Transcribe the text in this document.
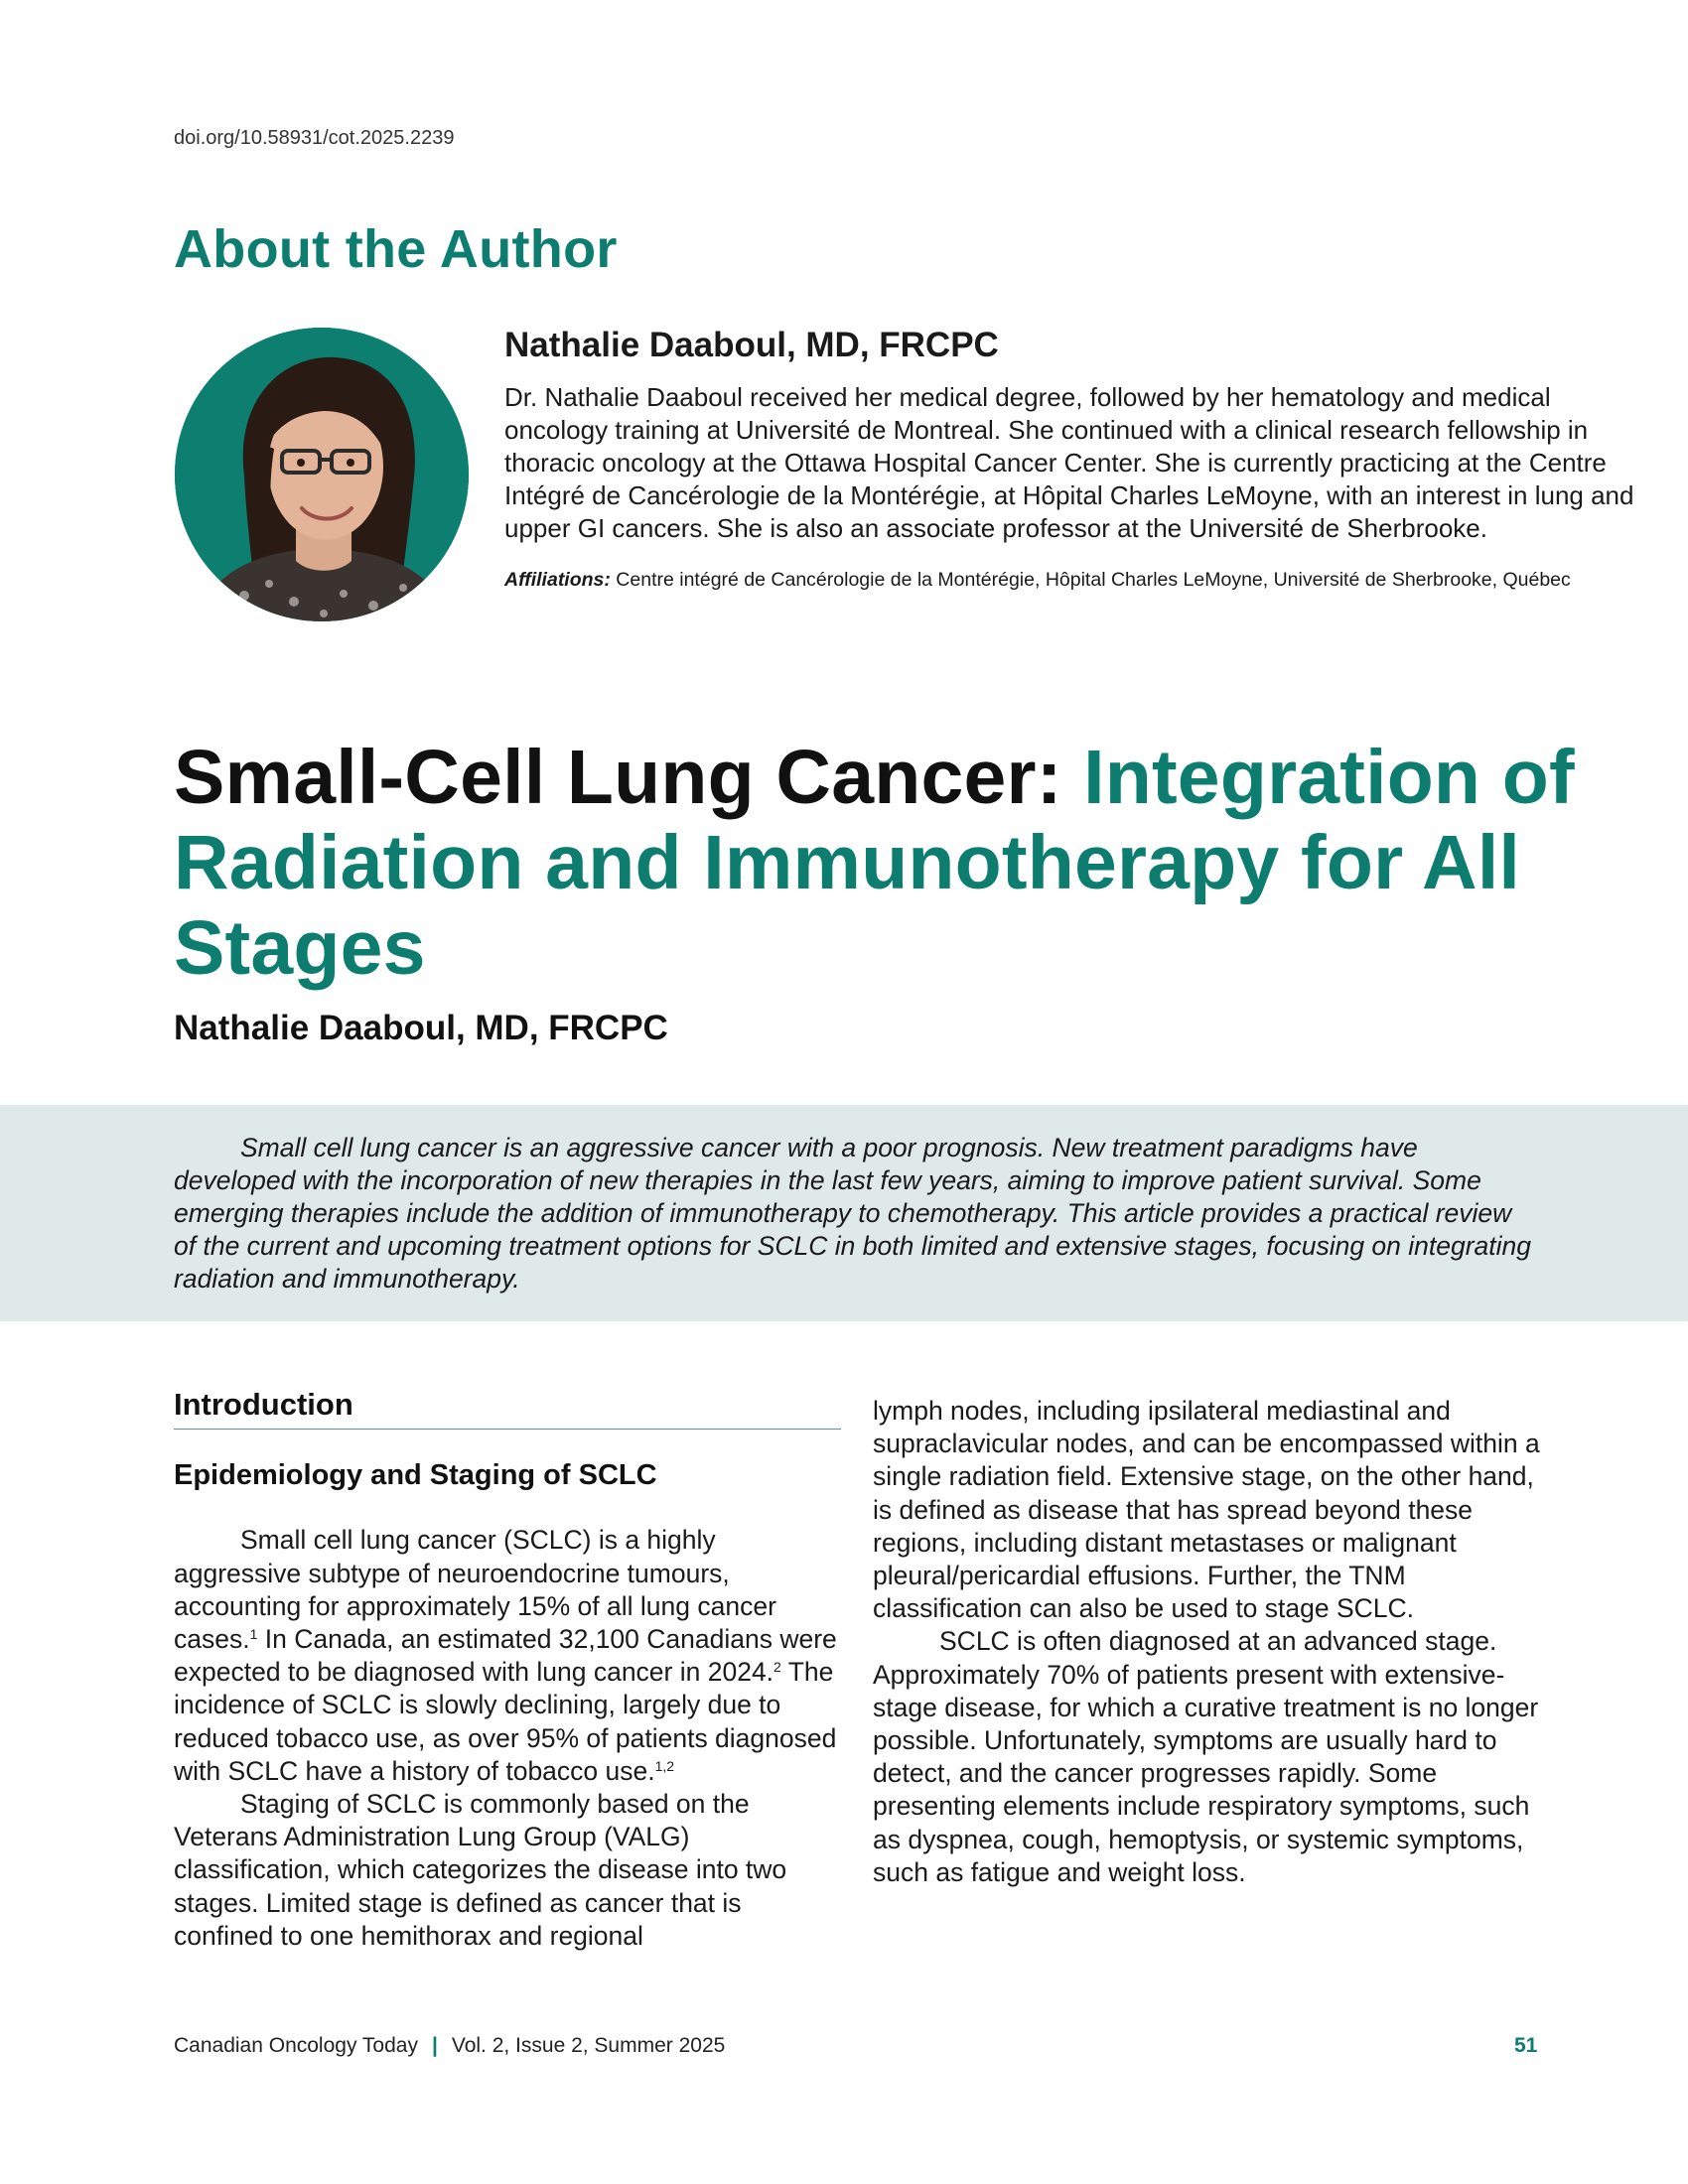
doi.org/10.58931/cot.2025.2239
About the Author
Nathalie Daaboul, MD, FRCPC

Dr. Nathalie Daaboul received her medical degree, followed by her hematology and medical oncology training at Université de Montreal. She continued with a clinical research fellowship in thoracic oncology at the Ottawa Hospital Cancer Center. She is currently practicing at the Centre Intégré de Cancérologie de la Montérégie, at Hôpital Charles LeMoyne, with an interest in lung and upper GI cancers. She is also an associate professor at the Université de Sherbrooke.

Affiliations: Centre intégré de Cancérologie de la Montérégie, Hôpital Charles LeMoyne, Université de Sherbrooke, Québec

Small-Cell Lung Cancer: Integration of Radiation and Immunotherapy for All Stages
Nathalie Daaboul, MD, FRCPC

Small cell lung cancer is an aggressive cancer with a poor prognosis. New treatment paradigms have developed with the incorporation of new therapies in the last few years, aiming to improve patient survival. Some emerging therapies include the addition of immunotherapy to chemotherapy. This article provides a practical review of the current and upcoming treatment options for SCLC in both limited and extensive stages, focusing on integrating radiation and immunotherapy.

Introduction
Epidemiology and Staging of SCLC

Small cell lung cancer (SCLC) is a highly aggressive subtype of neuroendocrine tumours, accounting for approximately 15% of all lung cancer cases.$^1$ In Canada, an estimated 32,100 Canadians were expected to be diagnosed with lung cancer in 2024.$^2$ The incidence of SCLC is slowly declining, largely due to reduced tobacco use, as over 95% of patients diagnosed with SCLC have a history of tobacco use.$^{1,2}$

Staging of SCLC is commonly based on the Veterans Administration Lung Group (VALG) classification, which categorizes the disease into two stages. Limited stage is defined as cancer that is confined to one hemithorax and regional

lymph nodes, including ipsilateral mediastinal and supraclavicular nodes, and can be encompassed within a single radiation field. Extensive stage, on the other hand, is defined as disease that has spread beyond these regions, including distant metastases or malignant pleural/pericardial effusions. Further, the TNM classification can also be used to stage SCLC.

SCLC is often diagnosed at an advanced stage. Approximately 70% of patients present with extensive-stage disease, for which a curative treatment is no longer possible. Unfortunately, symptoms are usually hard to detect, and the cancer progresses rapidly. Some presenting elements include respiratory symptoms, such as dyspnea, cough, hemoptysis, or systemic symptoms, such as fatigue and weight loss.

Canadian Oncology Today | Vol. 2, Issue 2, Summer 2025	51
